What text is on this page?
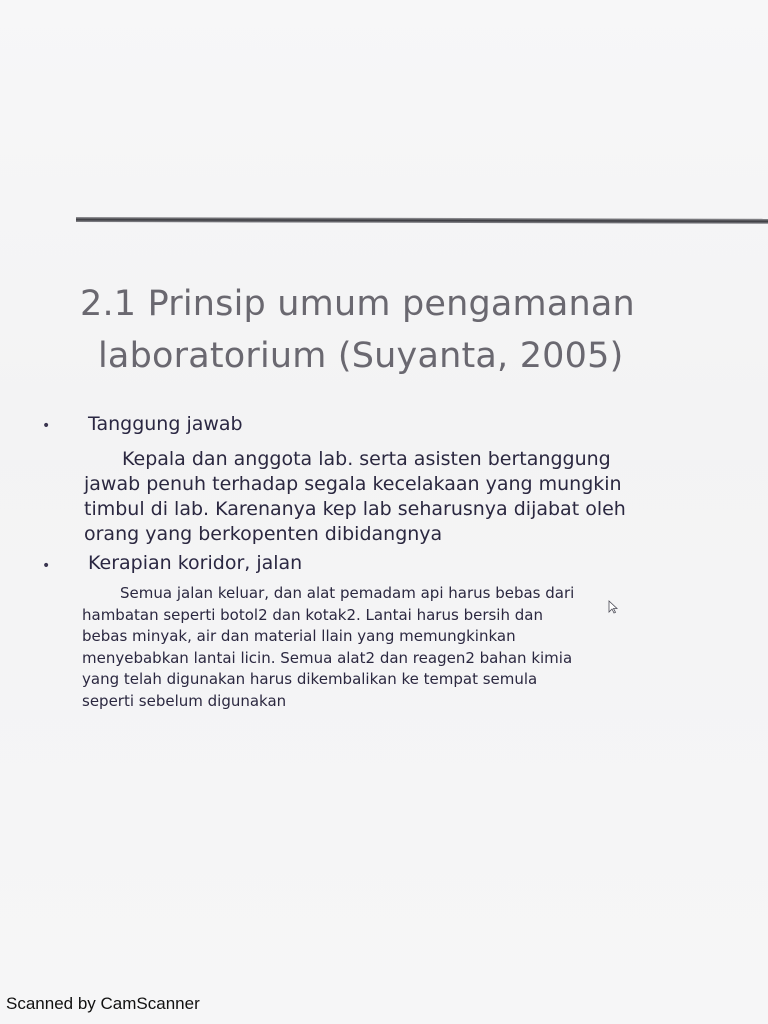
2.1 Prinsip umum pengamanan
laboratorium (Suyanta, 2005)
• Tanggung jawab
Kepala dan anggota lab. serta asisten bertanggung
jawab penuh terhadap segala kecelakaan yang mungkin
timbul di lab. Karenanya kep lab seharusnya dijabat oleh
orang yang berkopenten dibidangnya
• Kerapian koridor, jalan
Semua jalan keluar, dan alat pemadam api harus bebas dari
hambatan seperti botol2 dan kotak2. Lantai harus bersih dan
bebas minyak, air dan material llain yang memungkinkan
menyebabkan lantai licin. Semua alat2 dan reagen2 bahan kimia
yang telah digunakan harus dikembalikan ke tempat semula
seperti sebelum digunakan
Scanned by CamScanner
